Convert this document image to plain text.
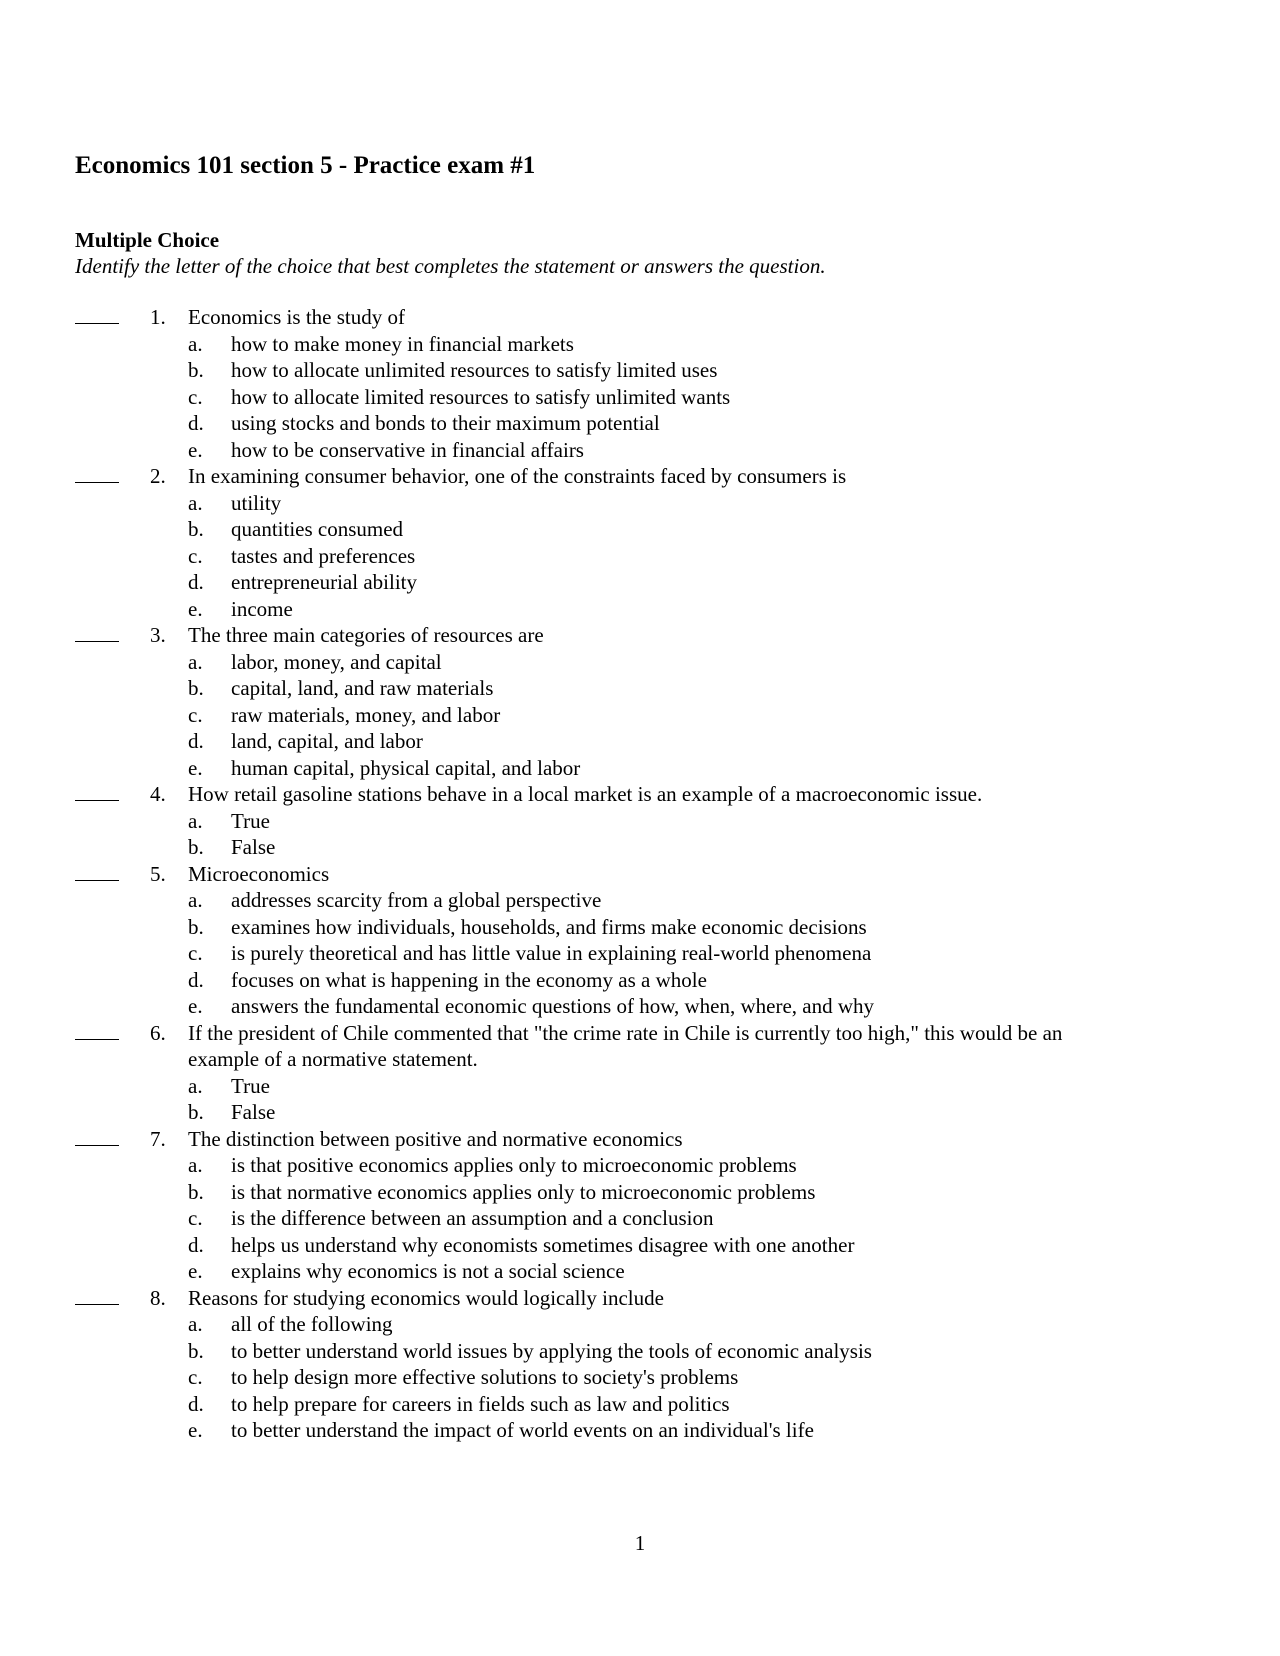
Economics 101 section 5 - Practice exam #1
Multiple Choice
Identify the letter of the choice that best completes the statement or answers the question.
1. Economics is the study of
a. how to make money in financial markets
b. how to allocate unlimited resources to satisfy limited uses
c. how to allocate limited resources to satisfy unlimited wants
d. using stocks and bonds to their maximum potential
e. how to be conservative in financial affairs
2. In examining consumer behavior, one of the constraints faced by consumers is
a. utility
b. quantities consumed
c. tastes and preferences
d. entrepreneurial ability
e. income
3. The three main categories of resources are
a. labor, money, and capital
b. capital, land, and raw materials
c. raw materials, money, and labor
d. land, capital, and labor
e. human capital, physical capital, and labor
4. How retail gasoline stations behave in a local market is an example of a macroeconomic issue.
a. True
b. False
5. Microeconomics
a. addresses scarcity from a global perspective
b. examines how individuals, households, and firms make economic decisions
c. is purely theoretical and has little value in explaining real-world phenomena
d. focuses on what is happening in the economy as a whole
e. answers the fundamental economic questions of how, when, where, and why
6. If the president of Chile commented that "the crime rate in Chile is currently too high," this would be an
example of a normative statement.
a. True
b. False
7. The distinction between positive and normative economics
a. is that positive economics applies only to microeconomic problems
b. is that normative economics applies only to microeconomic problems
c. is the difference between an assumption and a conclusion
d. helps us understand why economists sometimes disagree with one another
e. explains why economics is not a social science
8. Reasons for studying economics would logically include
a. all of the following
b. to better understand world issues by applying the tools of economic analysis
c. to help design more effective solutions to society's problems
d. to help prepare for careers in fields such as law and politics
e. to better understand the impact of world events on an individual's life
1
